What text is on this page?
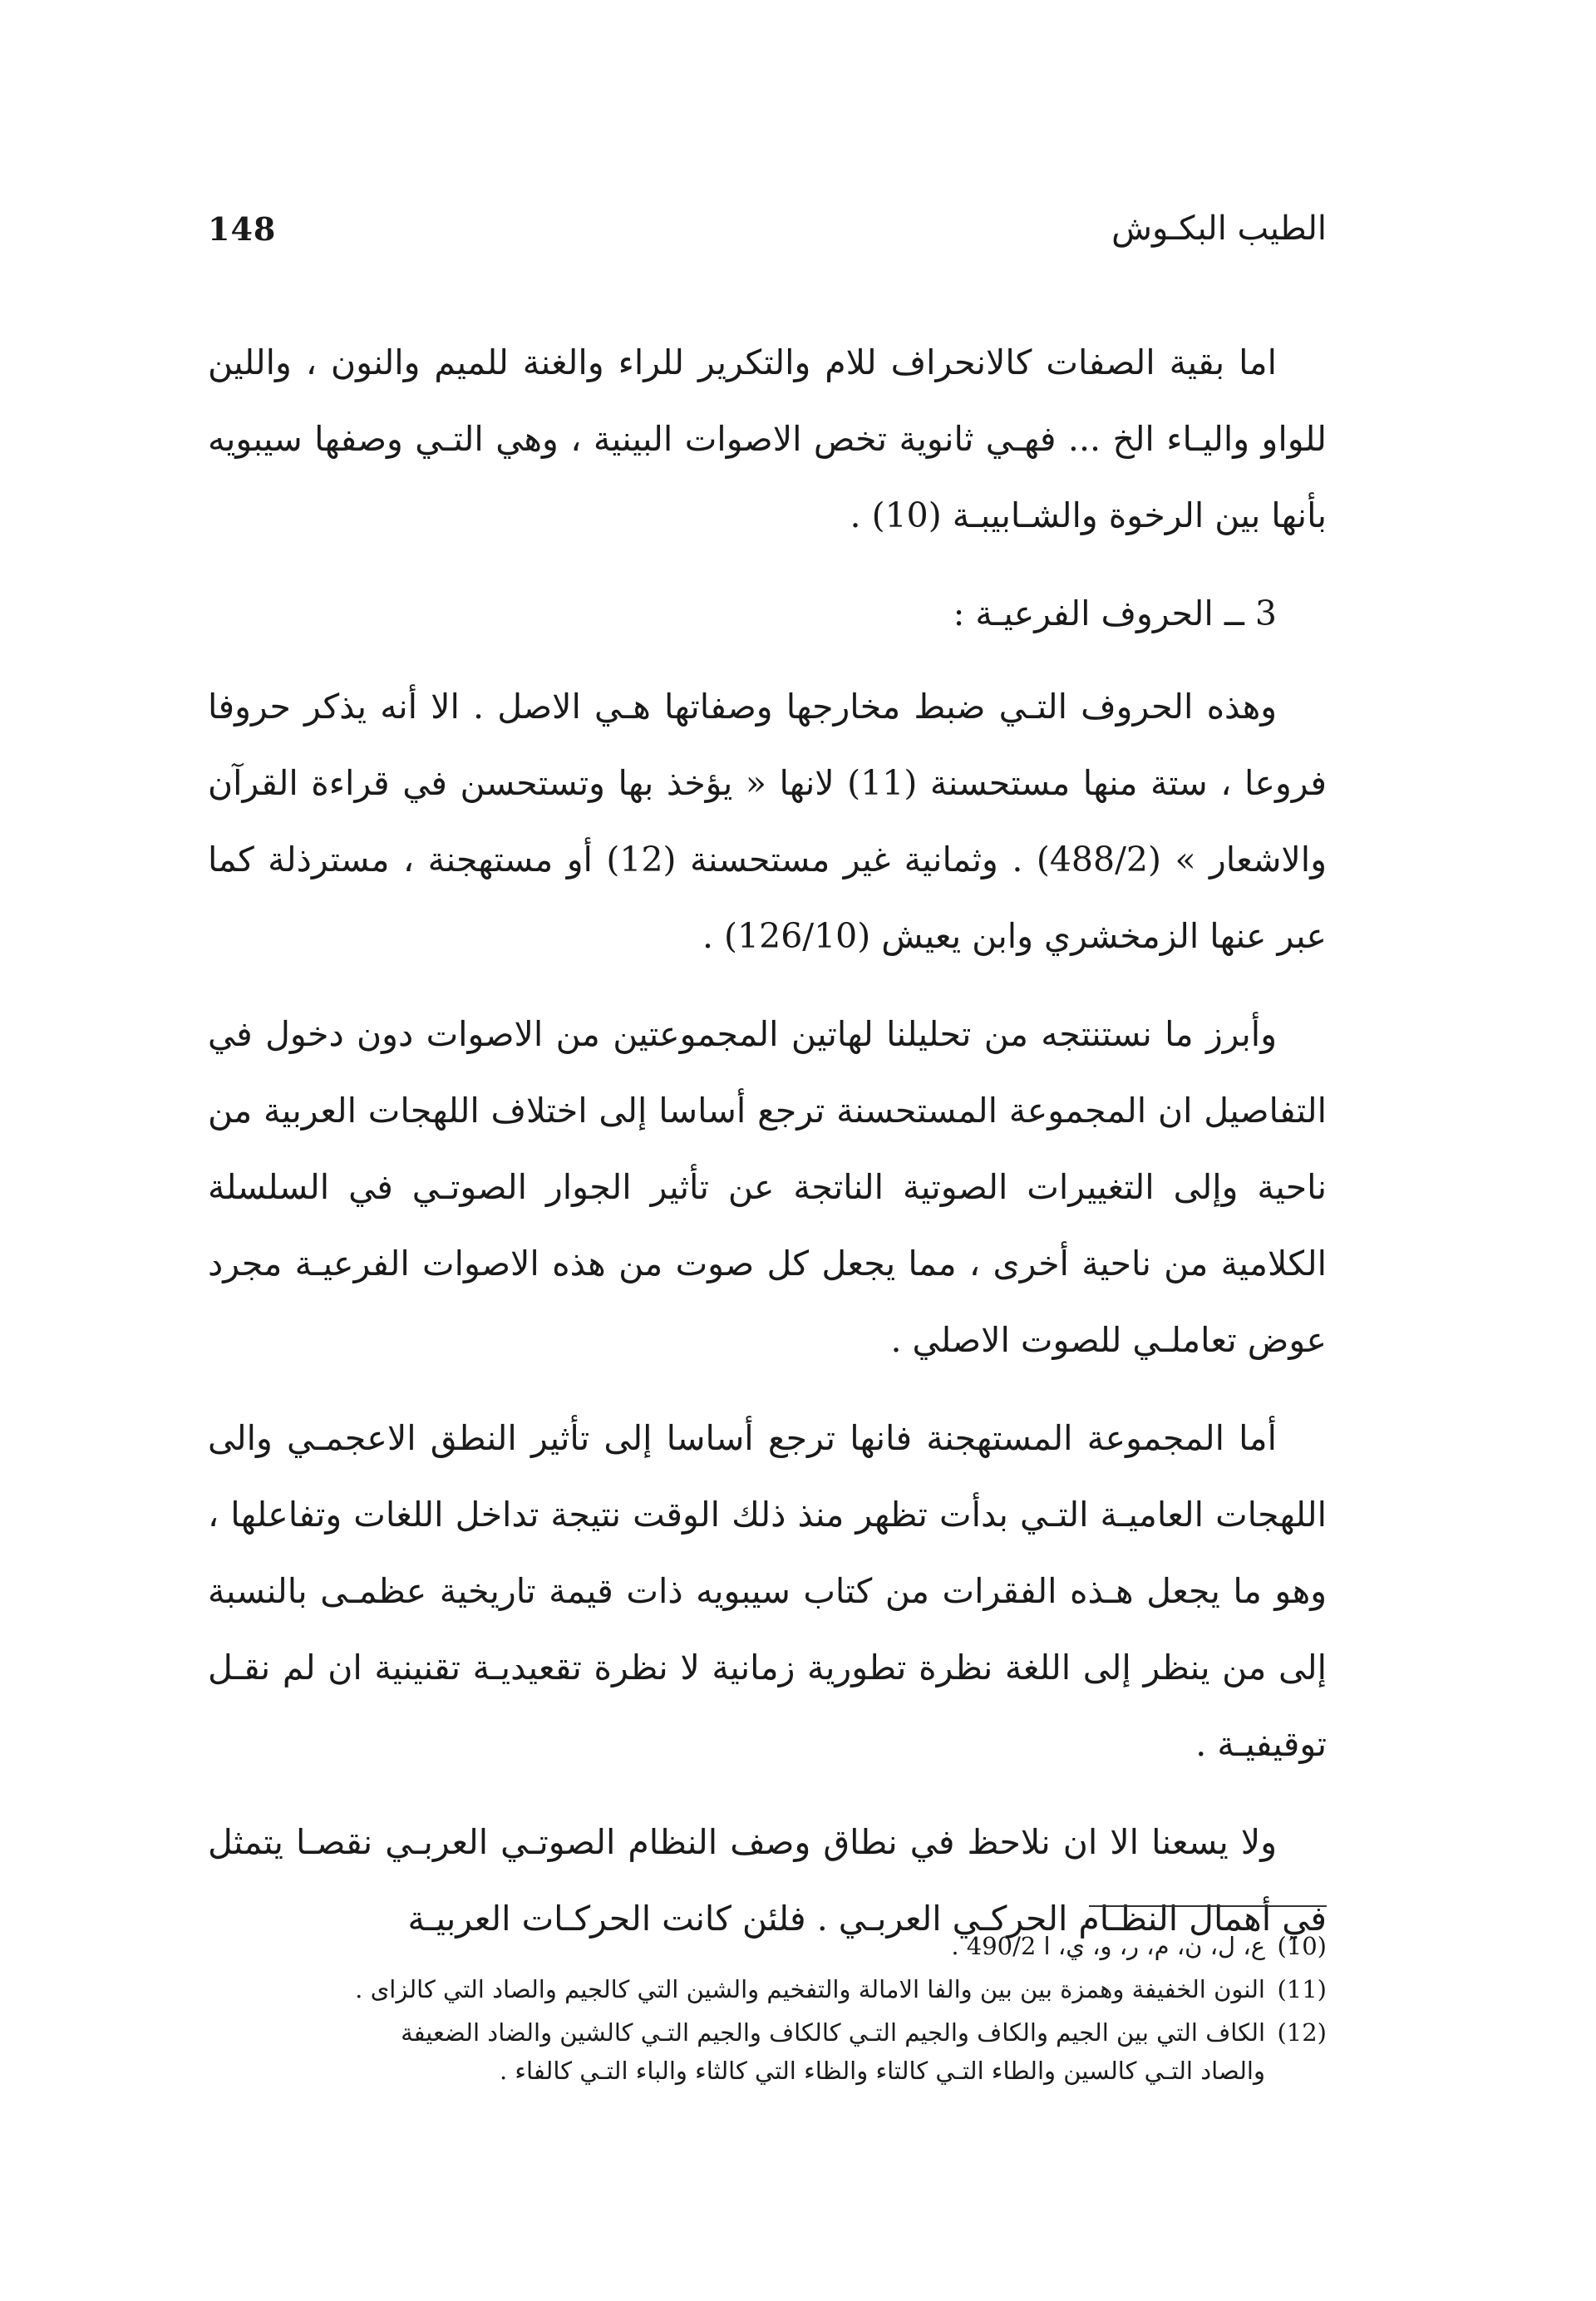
148	الطيب البكـوش

اما بقية الصفات كالانحراف للام والتكرير للراء والغنة للميم والنون ، واللين للواو واليـاء الخ ... فهـي ثانوية تخص الاصوات البينية ، وهي التـي وصفها سيبويه بأنها بين الرخوة والشـابيبـة (10) .

3 ــ الحروف الفرعيـة :

وهذه الحروف التـي ضبط مخارجها وصفاتها هـي الاصل . الا أنه يذكر حروفا فروعا ، ستة منها مستحسنة (11) لانها « يؤخذ بها وتستحسن في قراءة القرآن والاشعار » (488/2) . وثمانية غير مستحسنة (12) أو مستهجنة ، مسترذلة كما عبر عنها الزمخشري وابن يعيش (126/10) .

وأبرز ما نستنتجه من تحليلنا لهاتين المجموعتين من الاصوات دون دخول في التفاصيل ان المجموعة المستحسنة ترجع أساسا إلى اختلاف اللهجات العربية من ناحية وإلى التغييرات الصوتية الناتجة عن تأثير الجوار الصوتـي في السلسلة الكلامية من ناحية أخرى ، مما يجعل كل صوت من هذه الاصوات الفرعيـة مجرد عوض تعاملـي للصوت الاصلي .

أما المجموعة المستهجنة فانها ترجع أساسا إلى تأثير النطق الاعجمـي والى اللهجات العاميـة التـي بدأت تظهر منذ ذلك الوقت نتيجة تداخل اللغات وتفاعلها ، وهو ما يجعل هـذه الفقرات من كتاب سيبويه ذات قيمة تاريخية عظمـى بالنسبة إلى من ينظر إلى اللغة نظرة تطورية زمانية لا نظرة تقعيديـة تقنينية ان لم نقـل توقيفيـة .

ولا يسعنا الا ان نلاحظ في نطاق وصف النظام الصوتـي العربـي نقصـا يتمثل في أهمال النظـام الحركـي العربـي . فلئن كانت الحركـات العربيـة

(10)
ع، ل، ن، م، ر، و، ي، ا 490/2 .
(11)
النون الخفيفة وهمزة بين بين والفا الامالة والتفخيم والشين التي كالجيم والصاد التي كالزاى .
(12)
الكاف التي بين الجيم والكاف والجيم التـي كالكاف والجيم التـي كالشين والضاد الضعيفة
والصاد التـي كالسين والطاء التـي كالتاء والظاء التي كالثاء والباء التـي كالفاء .
